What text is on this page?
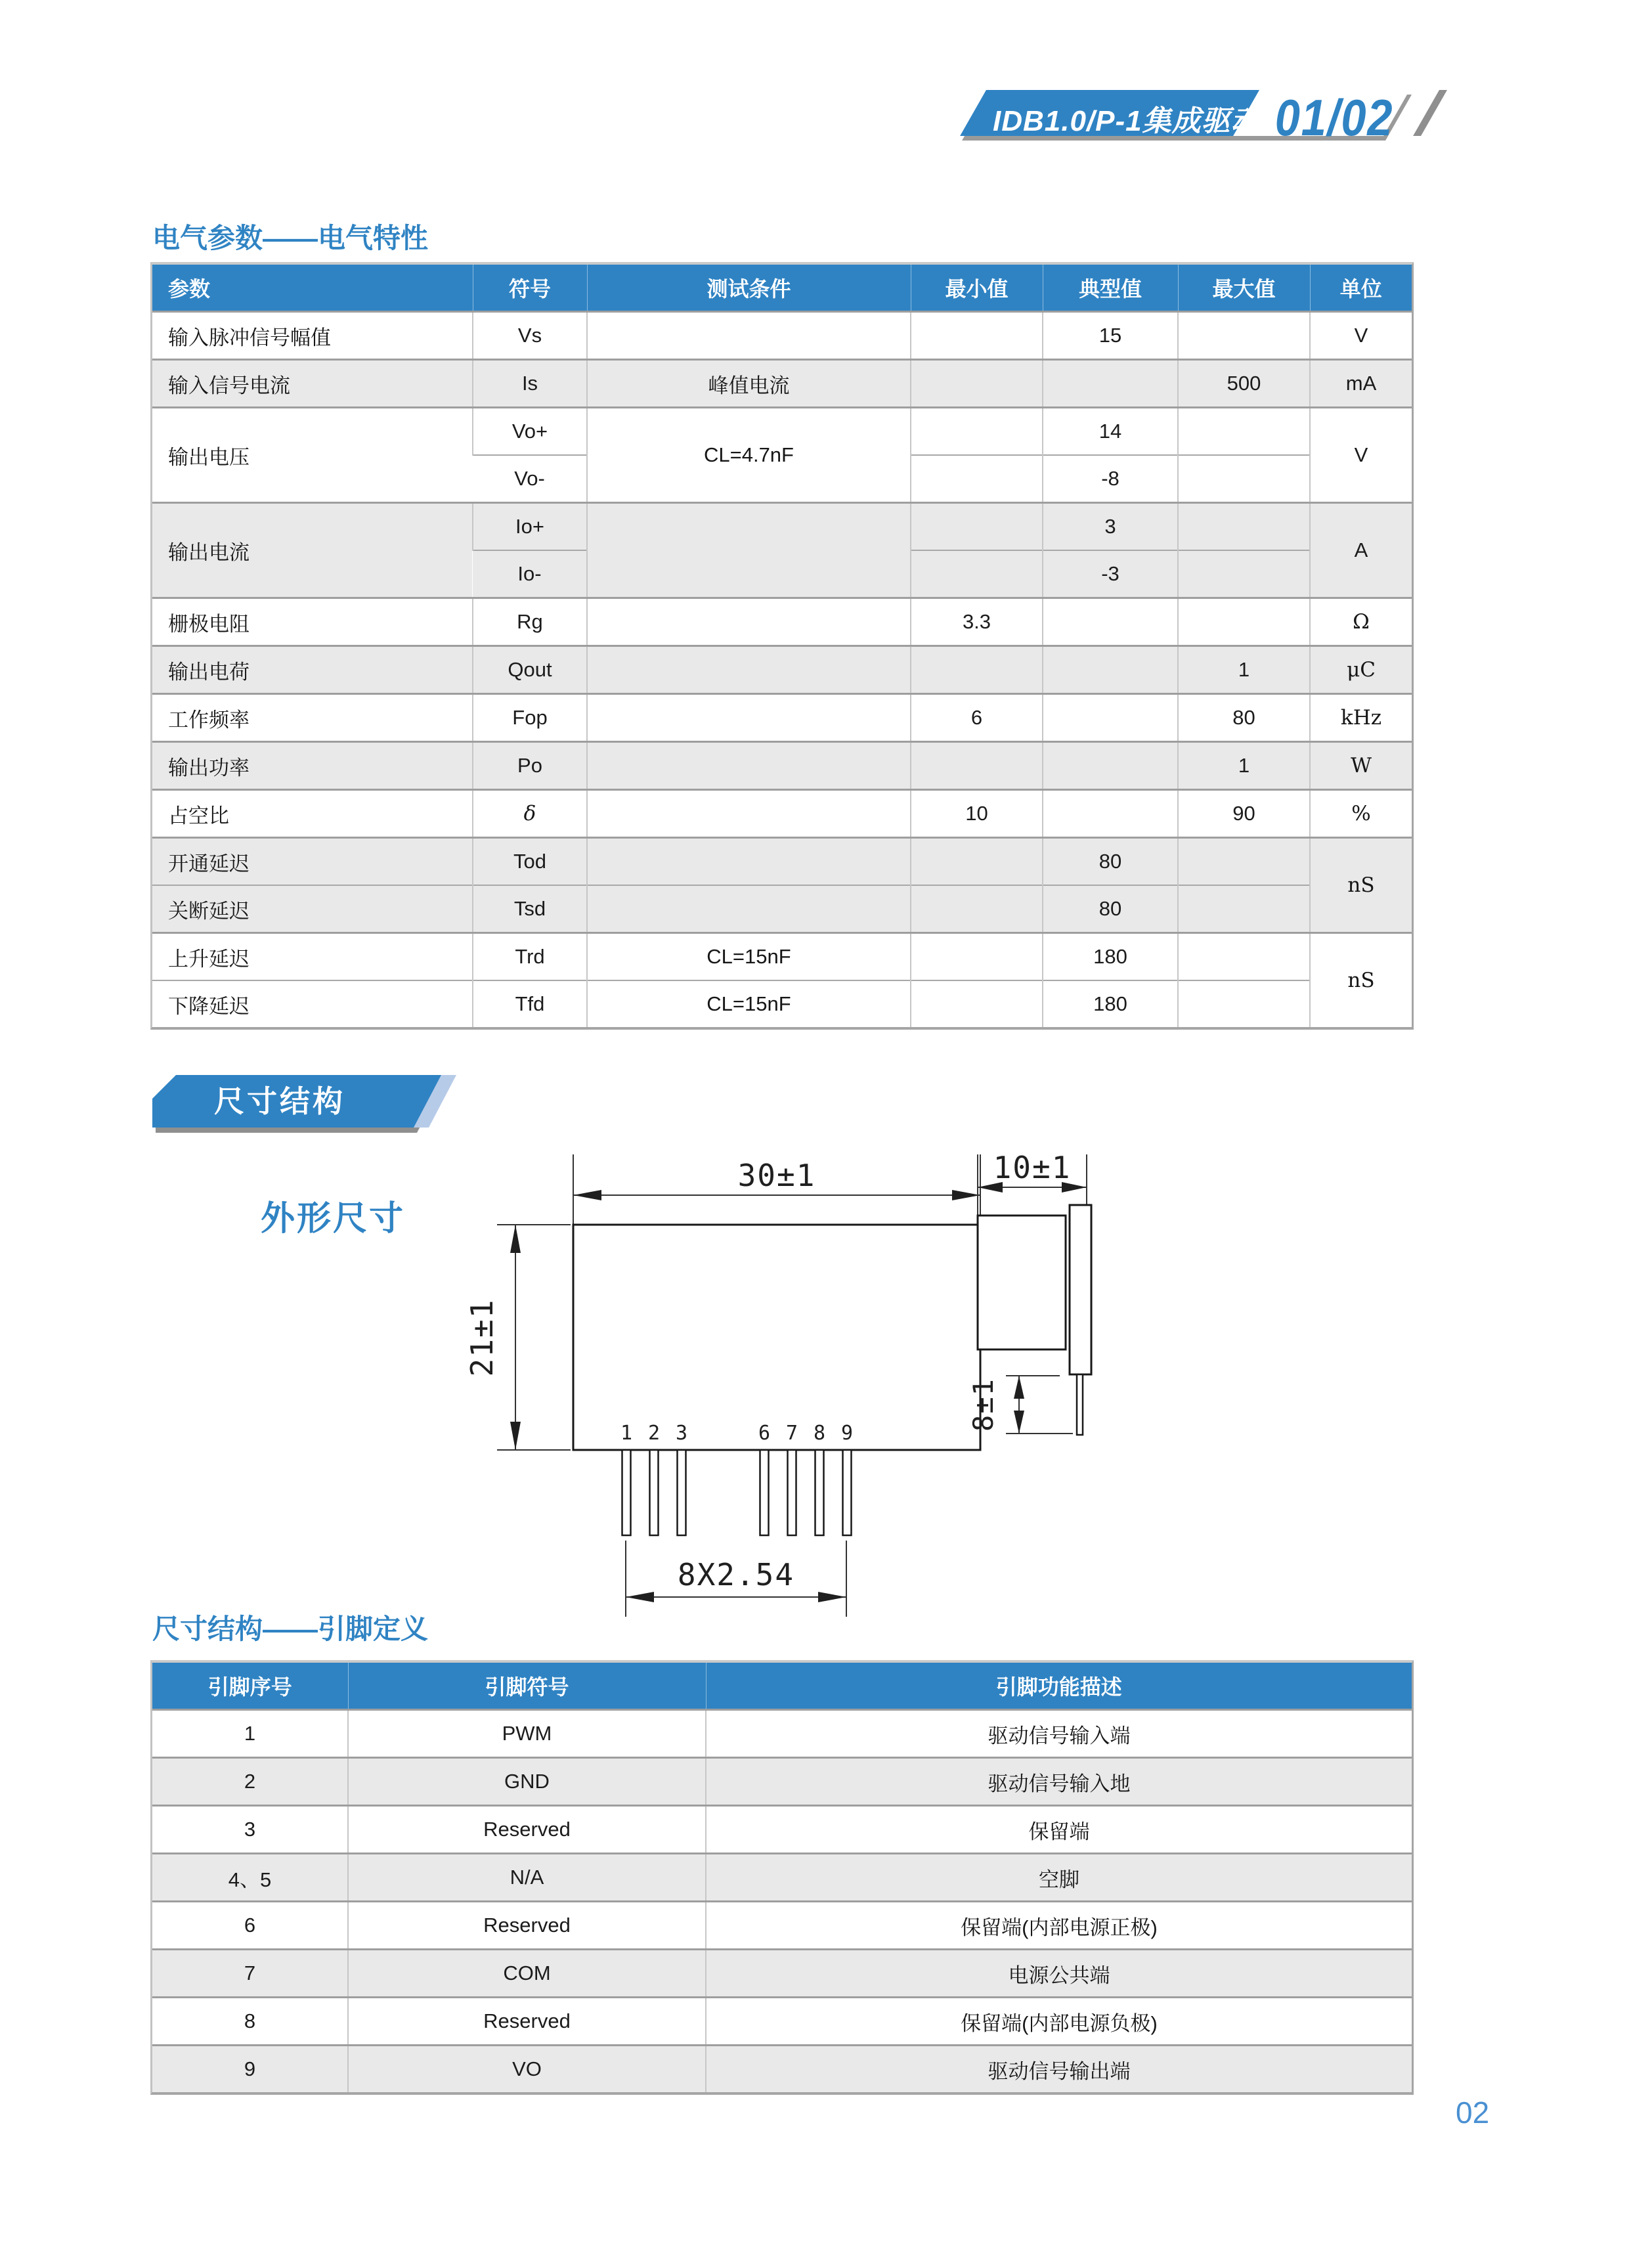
IDB1.0/P-1集成驱动模块
01/02
电气参数——电气特性
参数	符号	测试条件	最小值	典型值	最大值	单位
输入脉冲信号幅值	Vs			15		V
输入信号电流	Is	峰值电流			500	mA
输出电压	Vo+	CL=4.7nF		14		V
	Vo-			-8		
输出电流	Io+			3		A
	Io-			-3		
栅极电阻	Rg		3.3			Ω
输出电荷	Qout				1	μC
工作频率	Fop		6		80	kHz
输出功率	Po				1	W
占空比	δ		10		90	%
开通延迟	Tod			80		nS
关断延迟	Tsd			80		
上升延迟	Trd	CL=15nF		180		nS
下降延迟	Tfd	CL=15nF		180		
尺寸结构
外形尺寸
30±1
21±1
8X2.54
1 2 3	6 7 8 9
10±1
8±1
尺寸结构——引脚定义
引脚序号	引脚符号	引脚功能描述
1	PWM	驱动信号输入端
2	GND	驱动信号输入地
3	Reserved	保留端
4、5	N/A	空脚
6	Reserved	保留端(内部电源正极)
7	COM	电源公共端
8	Reserved	保留端(内部电源负极)
9	VO	驱动信号输出端
02
